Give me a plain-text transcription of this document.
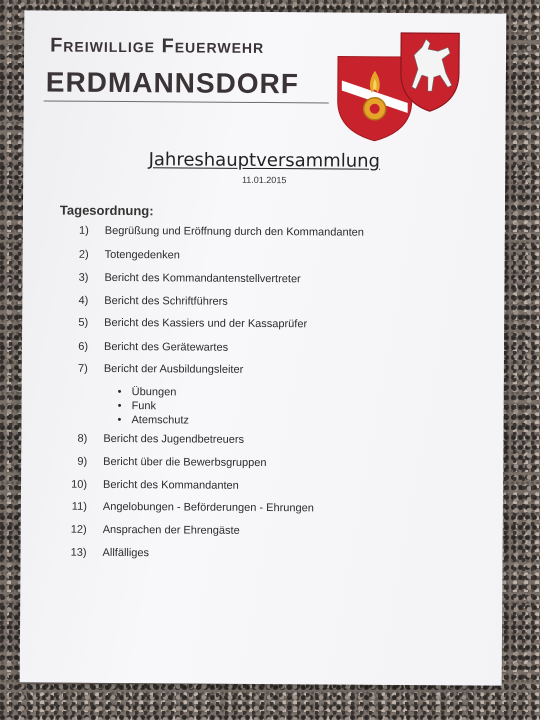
Freiwillige Feuerwehr
ERDMANNSDORF
Jahreshauptversammlung
11.01.2015
Tagesordnung:
1) Begrüßung und Eröffnung durch den Kommandanten
2) Totengedenken
3) Bericht des Kommandantenstellvertreter
4) Bericht des Schriftführers
5) Bericht des Kassiers und der Kassaprüfer
6) Bericht des Gerätewartes
7) Bericht der Ausbildungsleiter
• Übungen
• Funk
• Atemschutz
8) Bericht des Jugendbetreuers
9) Bericht über die Bewerbsgruppen
10) Bericht des Kommandanten
11) Angelobungen - Beförderungen - Ehrungen
12) Ansprachen der Ehrengäste
13) Allfälliges
